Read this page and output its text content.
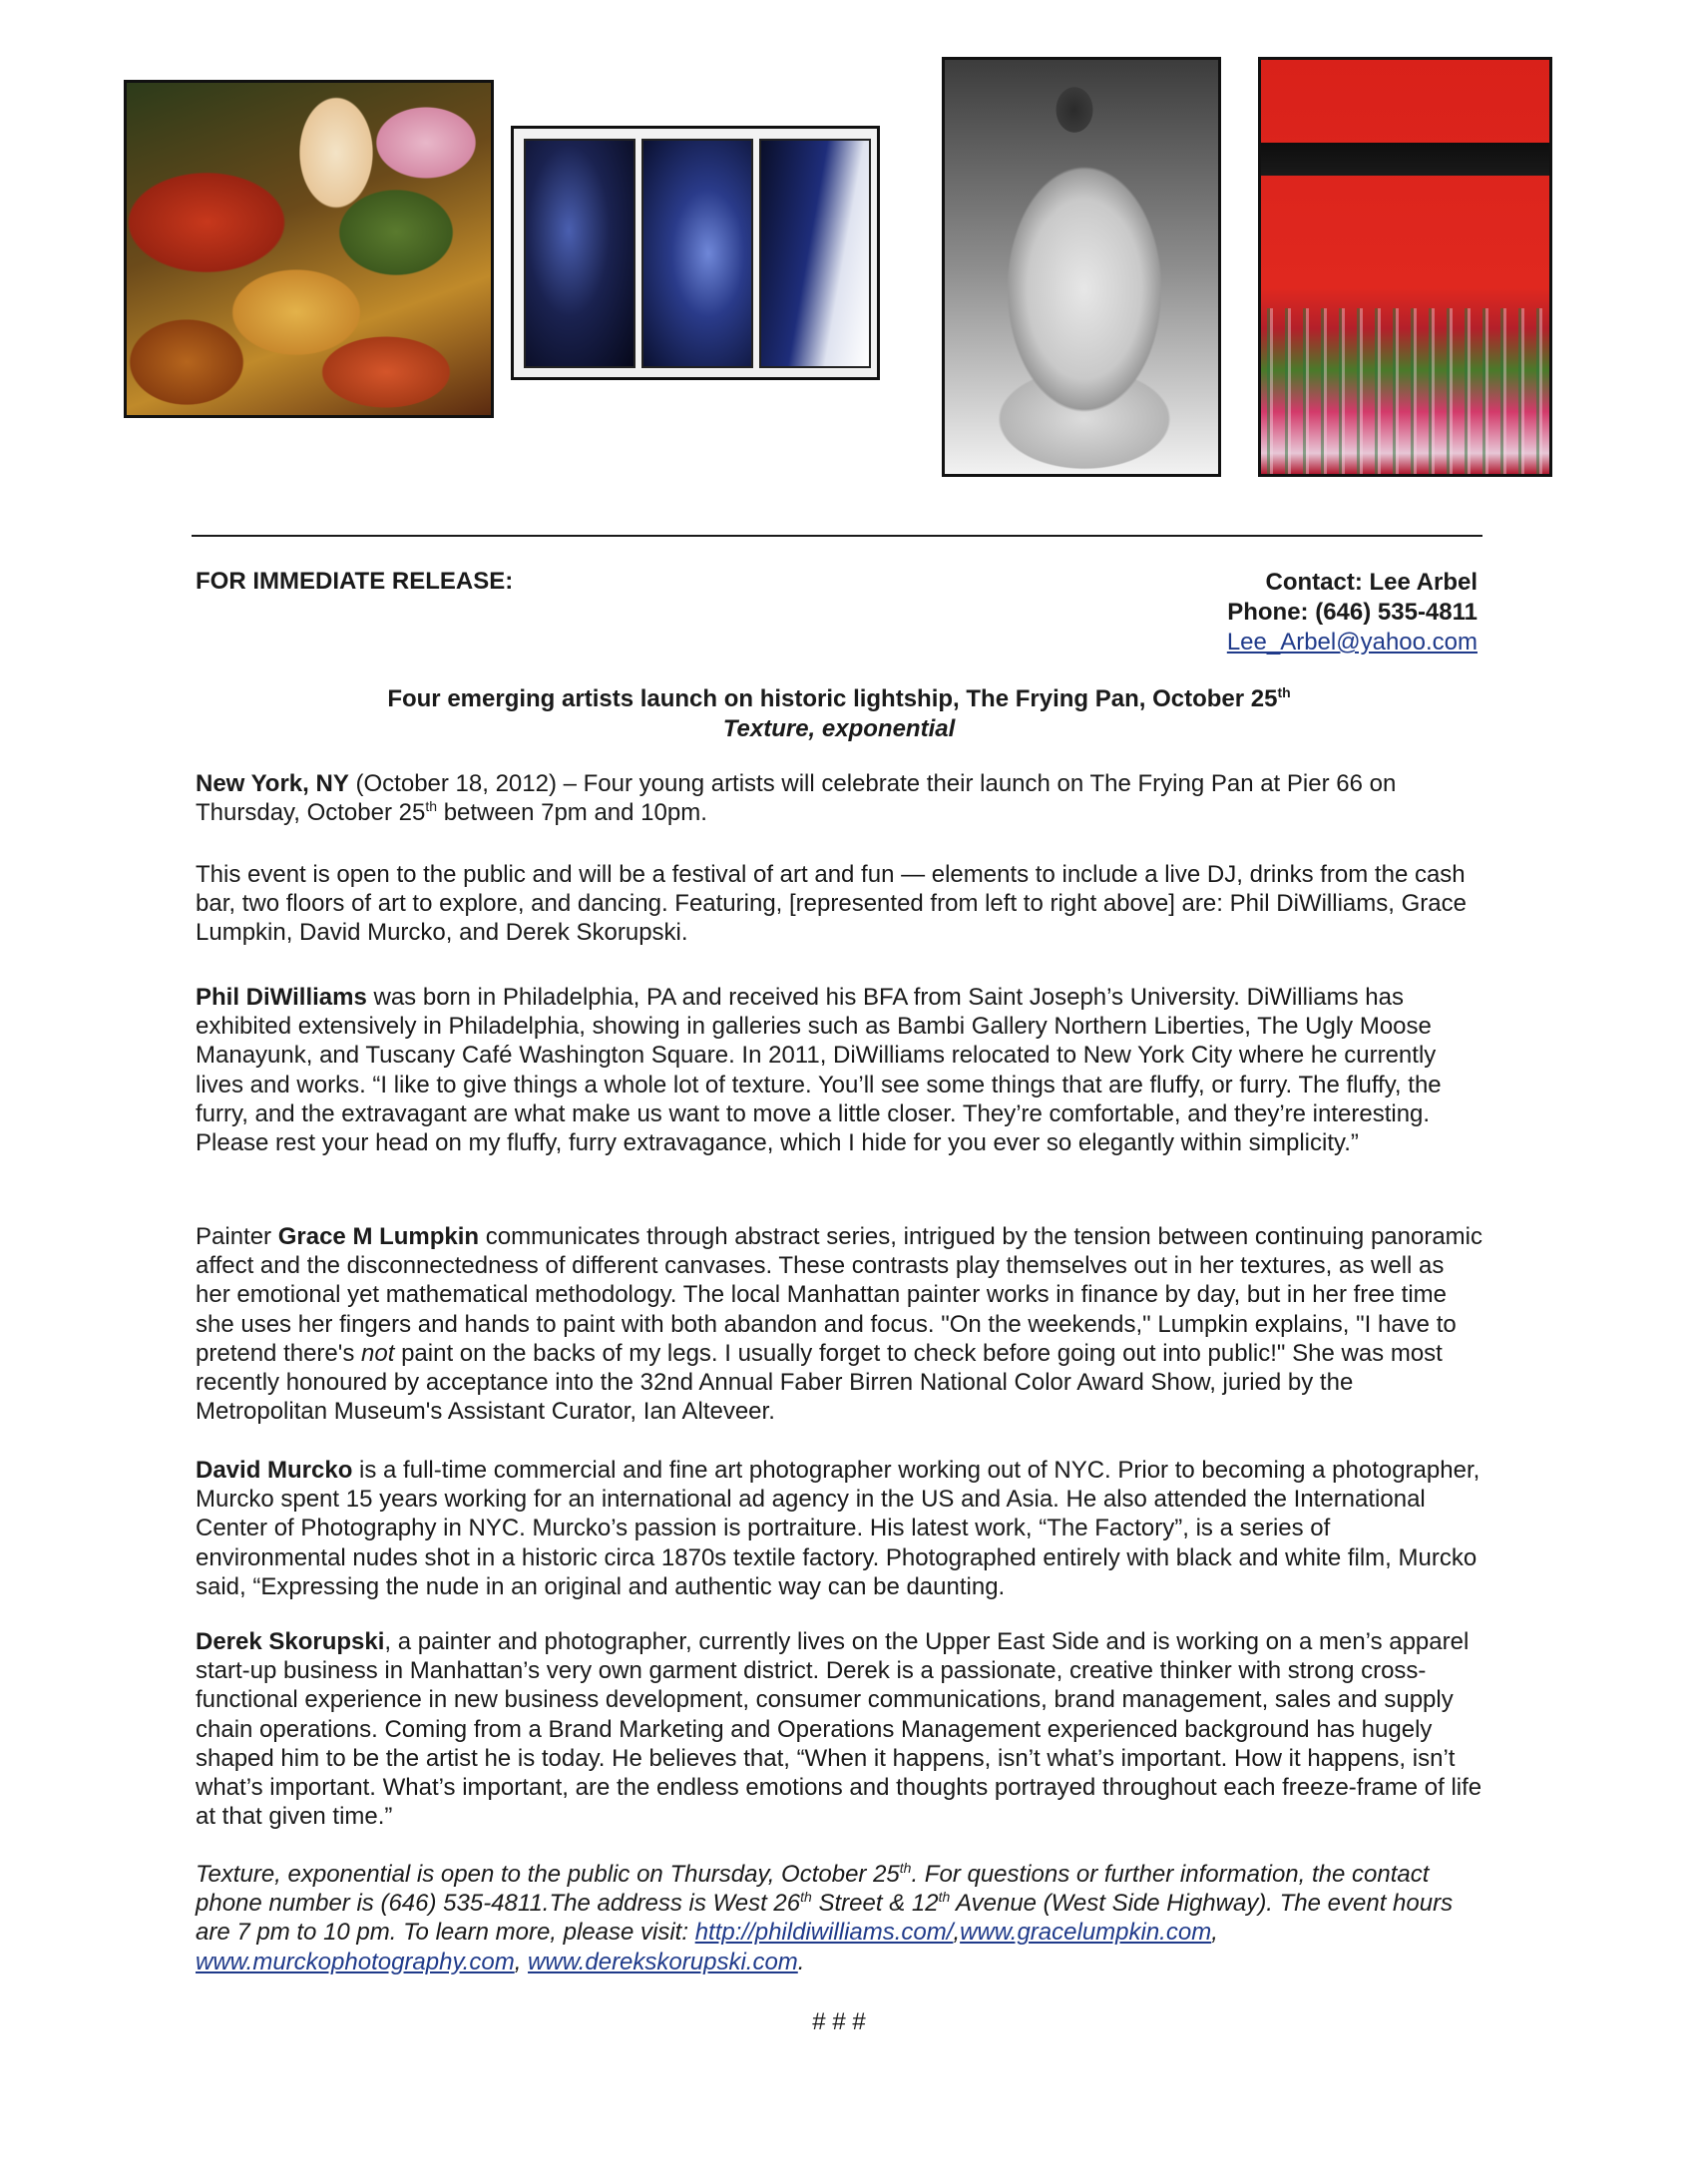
FOR IMMEDIATE RELEASE:	Contact: Lee Arbel
Phone: (646) 535-4811
Lee_Arbel@yahoo.com
Four emerging artists launch on historic lightship, The Frying Pan, October 25th
Texture, exponential
New York, NY (October 18, 2012) – Four young artists will celebrate their launch on The Frying Pan at Pier 66 on Thursday, October 25th between 7pm and 10pm.
This event is open to the public and will be a festival of art and fun — elements to include a live DJ, drinks from the cash bar, two floors of art to explore, and dancing. Featuring, [represented from left to right above] are: Phil DiWilliams, Grace Lumpkin, David Murcko, and Derek Skorupski.
Phil DiWilliams was born in Philadelphia, PA and received his BFA from Saint Joseph’s University. DiWilliams has exhibited extensively in Philadelphia, showing in galleries such as Bambi Gallery Northern Liberties, The Ugly Moose Manayunk, and Tuscany Café Washington Square. In 2011, DiWilliams relocated to New York City where he currently lives and works. “I like to give things a whole lot of texture. You’ll see some things that are fluffy, or furry. The fluffy, the furry, and the extravagant are what make us want to move a little closer. They’re comfortable, and they’re interesting. Please rest your head on my fluffy, furry extravagance, which I hide for you ever so elegantly within simplicity.”
Painter Grace M Lumpkin communicates through abstract series, intrigued by the tension between continuing panoramic affect and the disconnectedness of different canvases. These contrasts play themselves out in her textures, as well as her emotional yet mathematical methodology. The local Manhattan painter works in finance by day, but in her free time she uses her fingers and hands to paint with both abandon and focus. "On the weekends," Lumpkin explains, "I have to pretend there's not paint on the backs of my legs. I usually forget to check before going out into public!" She was most recently honoured by acceptance into the 32nd Annual Faber Birren National Color Award Show, juried by the Metropolitan Museum's Assistant Curator, Ian Alteveer.
David Murcko is a full-time commercial and fine art photographer working out of NYC. Prior to becoming a photographer, Murcko spent 15 years working for an international ad agency in the US and Asia. He also attended the International Center of Photography in NYC. Murcko’s passion is portraiture. His latest work, “The Factory”, is a series of environmental nudes shot in a historic circa 1870s textile factory. Photographed entirely with black and white film, Murcko said, “Expressing the nude in an original and authentic way can be daunting.
Derek Skorupski, a painter and photographer, currently lives on the Upper East Side and is working on a men’s apparel start-up business in Manhattan’s very own garment district. Derek is a passionate, creative thinker with strong cross-functional experience in new business development, consumer communications, brand management, sales and supply chain operations. Coming from a Brand Marketing and Operations Management experienced background has hugely shaped him to be the artist he is today. He believes that, “When it happens, isn’t what’s important. How it happens, isn’t what’s important. What’s important, are the endless emotions and thoughts portrayed throughout each freeze-frame of life at that given time.”
Texture, exponential is open to the public on Thursday, October 25th. For questions or further information, the contact phone number is (646) 535-4811.The address is West 26th Street & 12th Avenue (West Side Highway). The event hours are 7 pm to 10 pm. To learn more, please visit: http://phildiwilliams.com/,www.gracelumpkin.com, www.murckophotography.com, www.derekskorupski.com.
# # #
